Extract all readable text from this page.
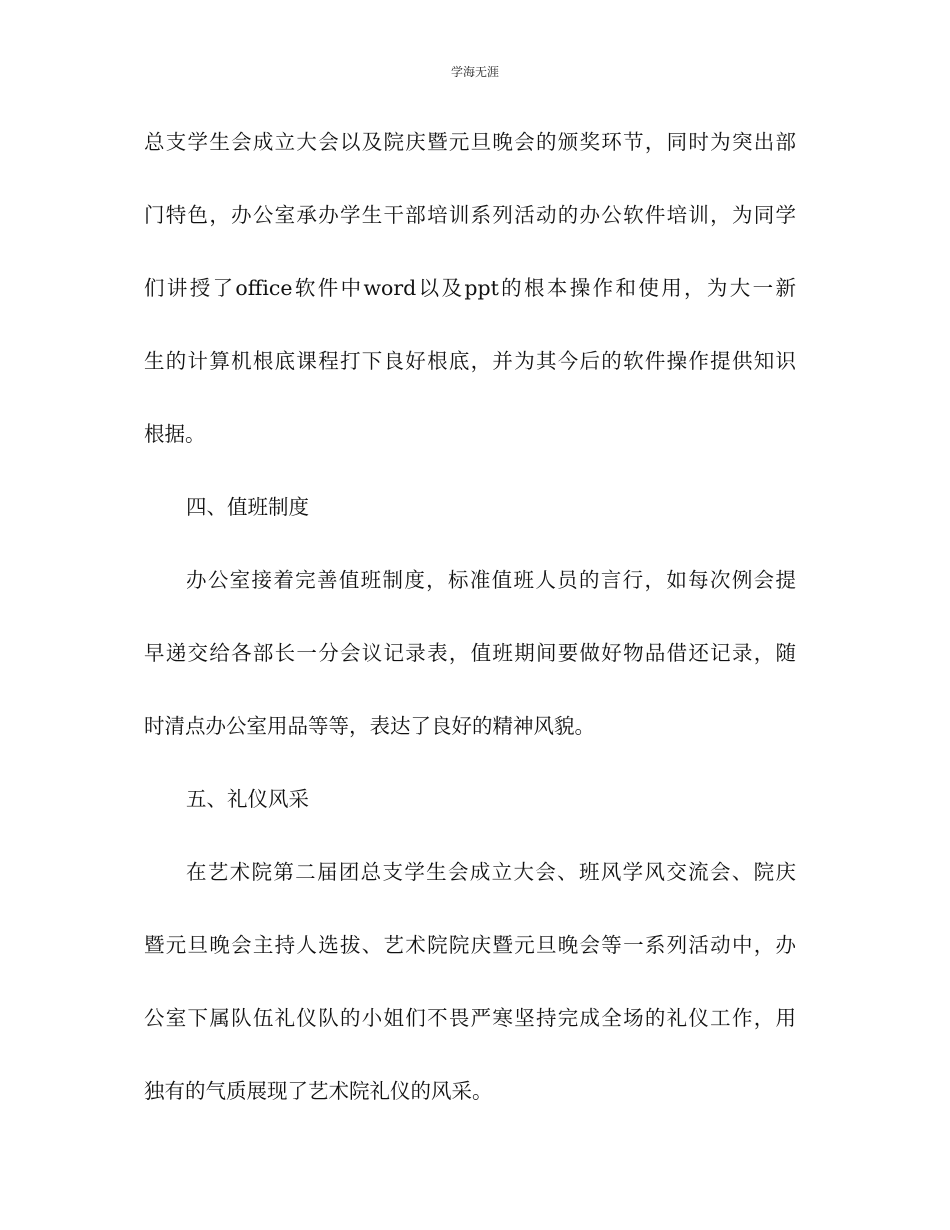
学海无涯
总支学生会成立大会以及院庆暨元旦晚会的颁奖环节，同时为突出部
门特色，办公室承办学生干部培训系列活动的办公软件培训，为同学
们讲授了office软件中word以及ppt的根本操作和使用，为大一新
生的计算机根底课程打下良好根底，并为其今后的软件操作提供知识
根据。
四、值班制度
办公室接着完善值班制度，标准值班人员的言行，如每次例会提
早递交给各部长一分会议记录表，值班期间要做好物品借还记录，随
时清点办公室用品等等，表达了良好的精神风貌。
五、礼仪风采
在艺术院第二届团总支学生会成立大会、班风学风交流会、院庆
暨元旦晚会主持人选拔、艺术院院庆暨元旦晚会等一系列活动中，办
公室下属队伍礼仪队的小姐们不畏严寒坚持完成全场的礼仪工作，用
独有的气质展现了艺术院礼仪的风采。
